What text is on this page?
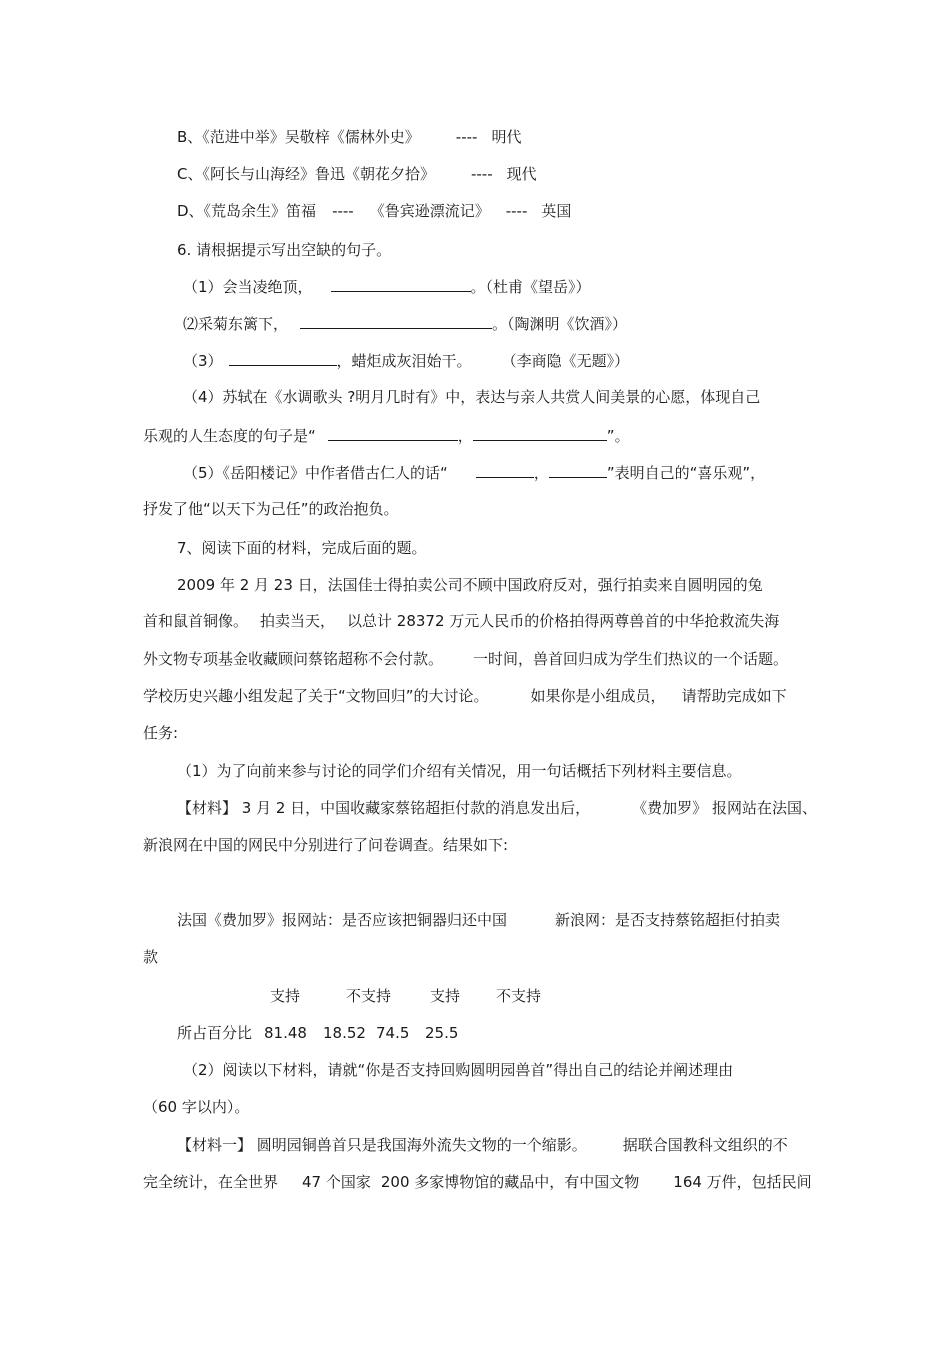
B、《范进中举》吴敬梓《儒林外史》 ---- 明代
C、《阿长与山海经》鲁迅《朝花夕拾》 ---- 现代
D、《荒岛余生》笛福 ---- 《鲁宾逊漂流记》 ---- 英国
6. 请根据提示写出空缺的句子。
（1）会当凌绝顶，	。（杜甫《望岳》）
⑵采菊东篱下，	。（陶渊明《饮酒》）
（3）	，蜡炬成灰泪始干。 （李商隐《无题》）
（4）苏轼在《水调歌头 ?明月几时有》中，表达与亲人共赏人间美景的心愿，体现自己
乐观的人生态度的句子是“	，	”。
（5）《岳阳楼记》中作者借古仁人的话“	，	”表明自己的“喜乐观”，
抒发了他“以天下为己任”的政治抱负。
7、阅读下面的材料，完成后面的题。
2009 年 2 月 23 日，法国佳士得拍卖公司不顾中国政府反对，强行拍卖来自圆明园的兔
首和鼠首铜像。 拍卖当天， 以总计 28372 万元人民币的价格拍得两尊兽首的中华抢救流失海
外文物专项基金收藏顾问蔡铭超称不会付款。 一时间，兽首回归成为学生们热议的一个话题。
学校历史兴趣小组发起了关于“文物回归”的大讨论。	如果你是小组成员， 请帮助完成如下
任务:
（1）为了向前来参与讨论的同学们介绍有关情况，用一句话概括下列材料主要信息。
【材料】 3 月 2 日，中国收藏家蔡铭超拒付款的消息发出后，	《费加罗》 报网站在法国、
新浪网在中国的网民中分别进行了问卷调查。结果如下:
法国《费加罗》报网站：是否应该把铜器归还中国	新浪网：是否支持蔡铭超拒付拍卖
款
支持	不支持	支持 不支持
所占百分比 81.48 18.52 74.5 25.5
（2）阅读以下材料，请就“你是否支持回购圆明园兽首”得出自己的结论并阐述理由
（60 字以内）。
【材料一】 圆明园铜兽首只是我国海外流失文物的一个缩影。 据联合国教科文组织的不
完全统计，在全世界 47 个国家 200 多家博物馆的藏品中，有中国文物 164 万件，包括民间
